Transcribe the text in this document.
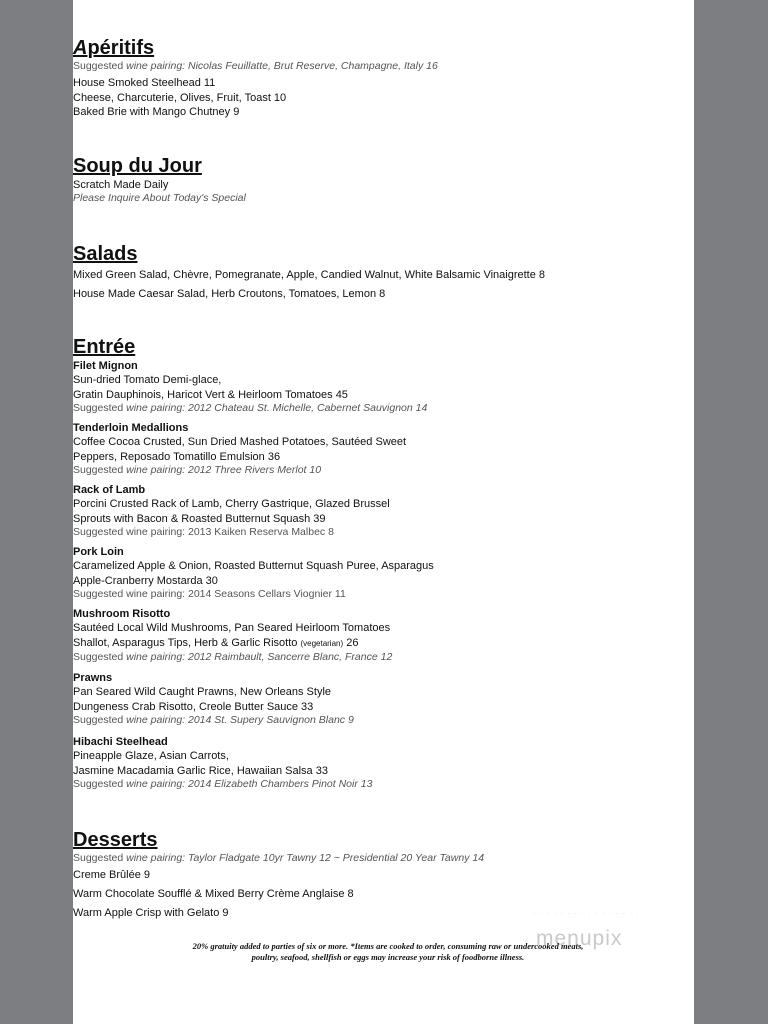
Apéritifs
Suggested wine pairing: Nicolas Feuillatte, Brut Reserve, Champagne, Italy 16
House Smoked Steelhead 11
Cheese, Charcuterie, Olives, Fruit, Toast 10
Baked Brie with Mango Chutney 9
Soup du Jour
Scratch Made Daily
Please Inquire About Today's Special
Salads
Mixed Green Salad, Chèvre, Pomegranate, Apple, Candied Walnut, White Balsamic Vinaigrette 8
House Made Caesar Salad, Herb Croutons, Tomatoes, Lemon 8
Entrée
Filet Mignon
Sun-dried Tomato Demi-glace,
Gratin Dauphinois, Haricot Vert & Heirloom Tomatoes 45
Suggested wine pairing: 2012 Chateau St. Michelle, Cabernet Sauvignon 14
Tenderloin Medallions
Coffee Cocoa Crusted, Sun Dried Mashed Potatoes, Sautéed Sweet
Peppers, Reposado Tomatillo Emulsion 36
Suggested wine pairing: 2012 Three Rivers Merlot 10
Rack of Lamb
Porcini Crusted Rack of Lamb, Cherry Gastrique, Glazed Brussel
Sprouts with Bacon & Roasted Butternut Squash 39
Suggested wine pairing: 2013 Kaiken Reserva Malbec 8
Pork Loin
Caramelized Apple & Onion, Roasted Butternut Squash Puree, Asparagus
Apple-Cranberry Mostarda 30
Suggested wine pairing: 2014 Seasons Cellars Viognier 11
Mushroom Risotto
Sautéed Local Wild Mushrooms, Pan Seared Heirloom Tomatoes
Shallot, Asparagus Tips, Herb & Garlic Risotto (vegetarian) 26
Suggested wine pairing: 2012 Raimbault, Sancerre Blanc, France 12
Prawns
Pan Seared Wild Caught Prawns, New Orleans Style
Dungeness Crab Risotto, Creole Butter Sauce 33
Suggested wine pairing: 2014 St. Supery Sauvignon Blanc 9
Hibachi Steelhead
Pineapple Glaze, Asian Carrots,
Jasmine Macadamia Garlic Rice, Hawaiian Salsa 33
Suggested wine pairing: 2014 Elizabeth Chambers Pinot Noir 13
Desserts
Suggested wine pairing: Taylor Fladgate 10yr Tawny 12 ~ Presidential 20 Year Tawny 14
Creme Brûlée 9
Warm Chocolate Soufflé & Mixed Berry Crème Anglaise 8
Warm Apple Crisp with Gelato 9	· · · · · · · · · · · · · · · ·
menupix
20% gratuity added to parties of six or more. *Items are cooked to order, consuming raw or undercooked meats,
poultry, seafood, shellfish or eggs may increase your risk of foodborne illness.
